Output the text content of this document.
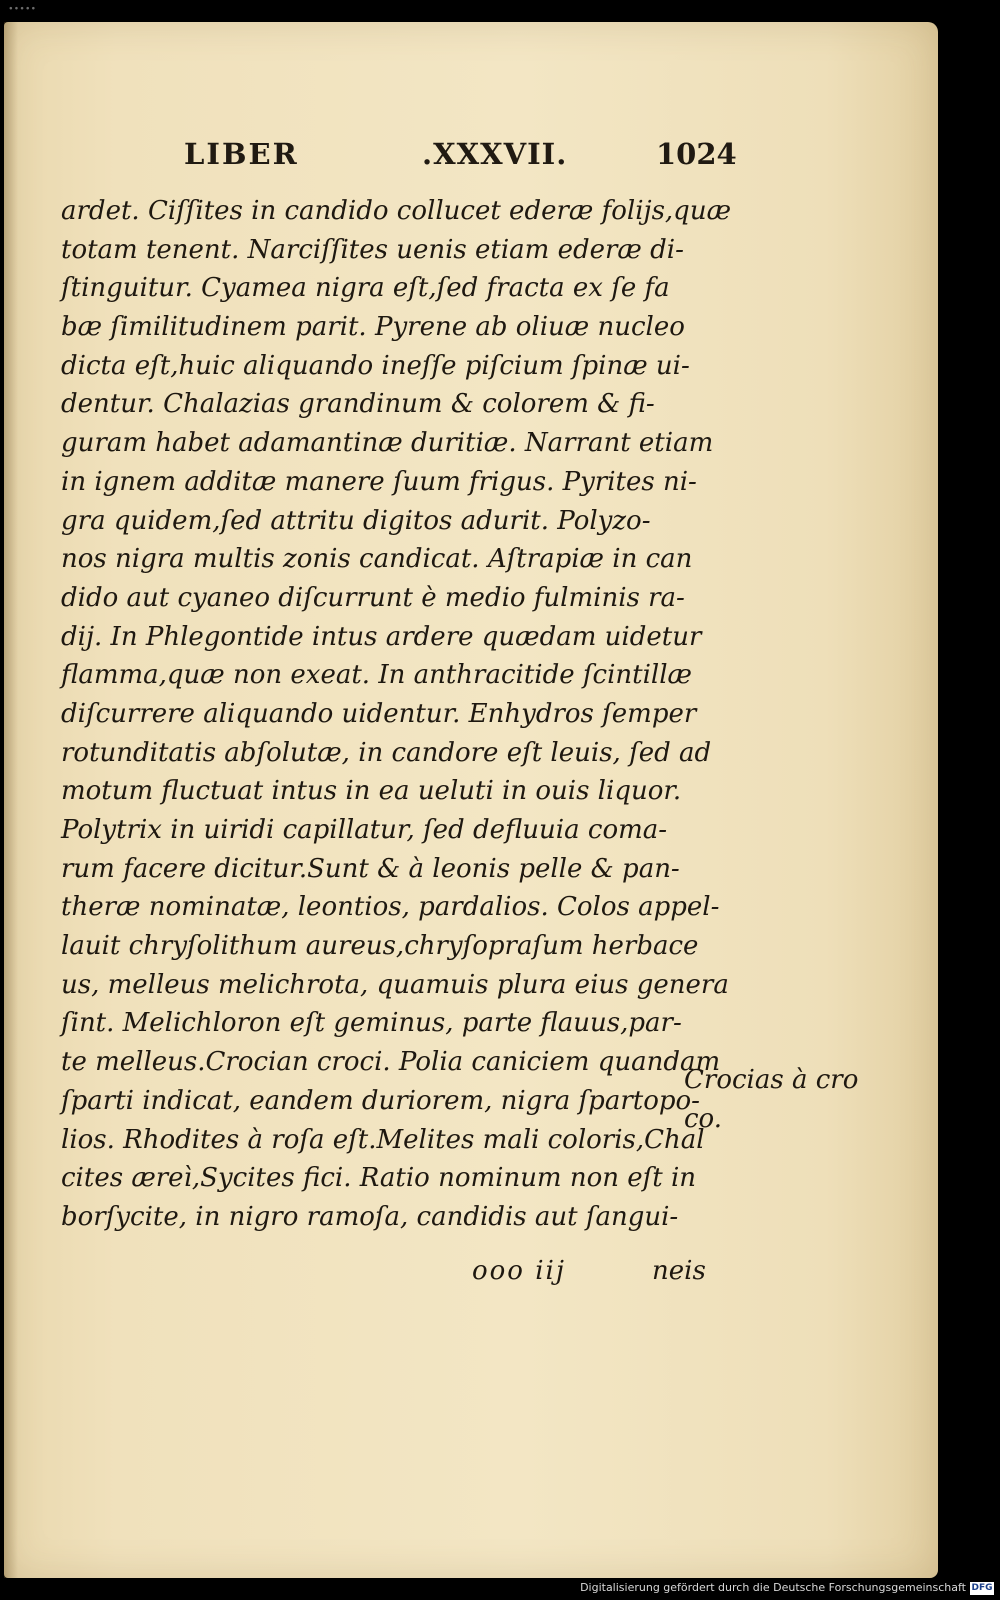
∙∙∙∙∙
LIBER	.XXXVII.	1024
ardet. Ciſſites in candido collucet ederæ folijs,quæ
totam tenent. Narciſſites uenis etiam ederæ di-
ſtinguitur. Cyamea nigra eſt,ſed fracta ex ſe fa
bæ ſimilitudinem parit. Pyrene ab oliuæ nucleo
dicta eſt,huic aliquando ineſſe piſcium ſpinæ ui-
dentur. Chalazias grandinum & colorem & fi-
guram habet adamantinæ duritiæ. Narrant etiam
in ignem additæ manere ſuum frigus. Pyrites ni-
gra quidem,ſed attritu digitos adurit. Polyzo-
nos nigra multis zonis candicat. Aſtrapiæ in can
dido aut cyaneo diſcurrunt è medio fulminis ra-
dij. In Phlegontide intus ardere quædam uidetur
flamma,quæ non exeat. In anthracitide ſcintillæ
diſcurrere aliquando uidentur. Enhydros ſemper
rotunditatis abſolutæ, in candore eſt leuis, ſed ad
motum fluctuat intus in ea ueluti in ouis liquor.
Polytrix in uiridi capillatur, ſed defluuia coma-
rum facere dicitur.Sunt & à leonis pelle & pan-
theræ nominatæ, leontios, pardalios. Colos appel-
lauit chryſolithum aureus,chryſopraſum herbace
us, melleus melichrota, quamuis plura eius genera
ſint. Melichloron eſt geminus, parte flauus,par-
te melleus.Crocian croci. Polia caniciem quandam
ſparti indicat, eandem duriorem, nigra ſpartopo-
lios. Rhodites à roſa eſt.Melites mali coloris,Chal
cites æreì,Sycites fici. Ratio nominum non eſt in
borſycite, in nigro ramoſa, candidis aut ſangui-
Crocias à cro
co.
ooo iij	neis
Digitalisierung gefördert durch die Deutsche Forschungsgemeinschaft DFG
